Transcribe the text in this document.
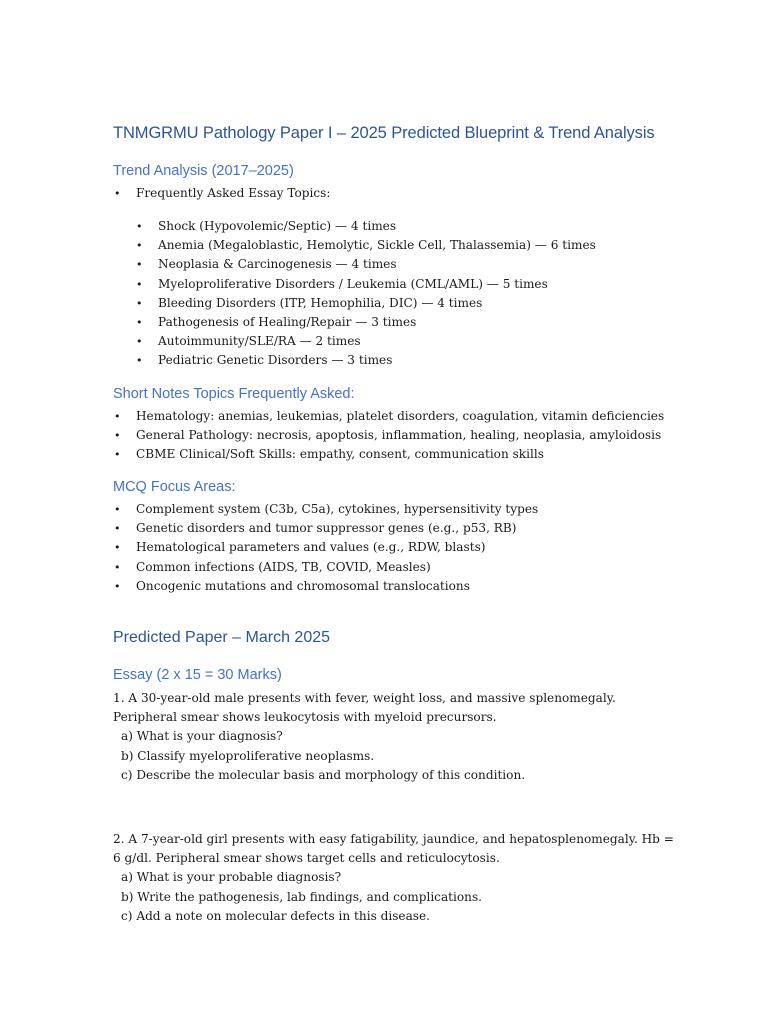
TNMGRMU Pathology Paper I – 2025 Predicted Blueprint & Trend Analysis
Trend Analysis (2017–2025)
• Frequently Asked Essay Topics:
• Shock (Hypovolemic/Septic) — 4 times
• Anemia (Megaloblastic, Hemolytic, Sickle Cell, Thalassemia) — 6 times
• Neoplasia & Carcinogenesis — 4 times
• Myeloproliferative Disorders / Leukemia (CML/AML) — 5 times
• Bleeding Disorders (ITP, Hemophilia, DIC) — 4 times
• Pathogenesis of Healing/Repair — 3 times
• Autoimmunity/SLE/RA — 2 times
• Pediatric Genetic Disorders — 3 times
Short Notes Topics Frequently Asked:
• Hematology: anemias, leukemias, platelet disorders, coagulation, vitamin deficiencies
• General Pathology: necrosis, apoptosis, inflammation, healing, neoplasia, amyloidosis
• CBME Clinical/Soft Skills: empathy, consent, communication skills
MCQ Focus Areas:
• Complement system (C3b, C5a), cytokines, hypersensitivity types
• Genetic disorders and tumor suppressor genes (e.g., p53, RB)
• Hematological parameters and values (e.g., RDW, blasts)
• Common infections (AIDS, TB, COVID, Measles)
• Oncogenic mutations and chromosomal translocations
Predicted Paper – March 2025
Essay (2 x 15 = 30 Marks)
1. A 30-year-old male presents with fever, weight loss, and massive splenomegaly.
Peripheral smear shows leukocytosis with myeloid precursors.
a) What is your diagnosis?
b) Classify myeloproliferative neoplasms.
c) Describe the molecular basis and morphology of this condition.
2. A 7-year-old girl presents with easy fatigability, jaundice, and hepatosplenomegaly. Hb =
6 g/dl. Peripheral smear shows target cells and reticulocytosis.
a) What is your probable diagnosis?
b) Write the pathogenesis, lab findings, and complications.
c) Add a note on molecular defects in this disease.
